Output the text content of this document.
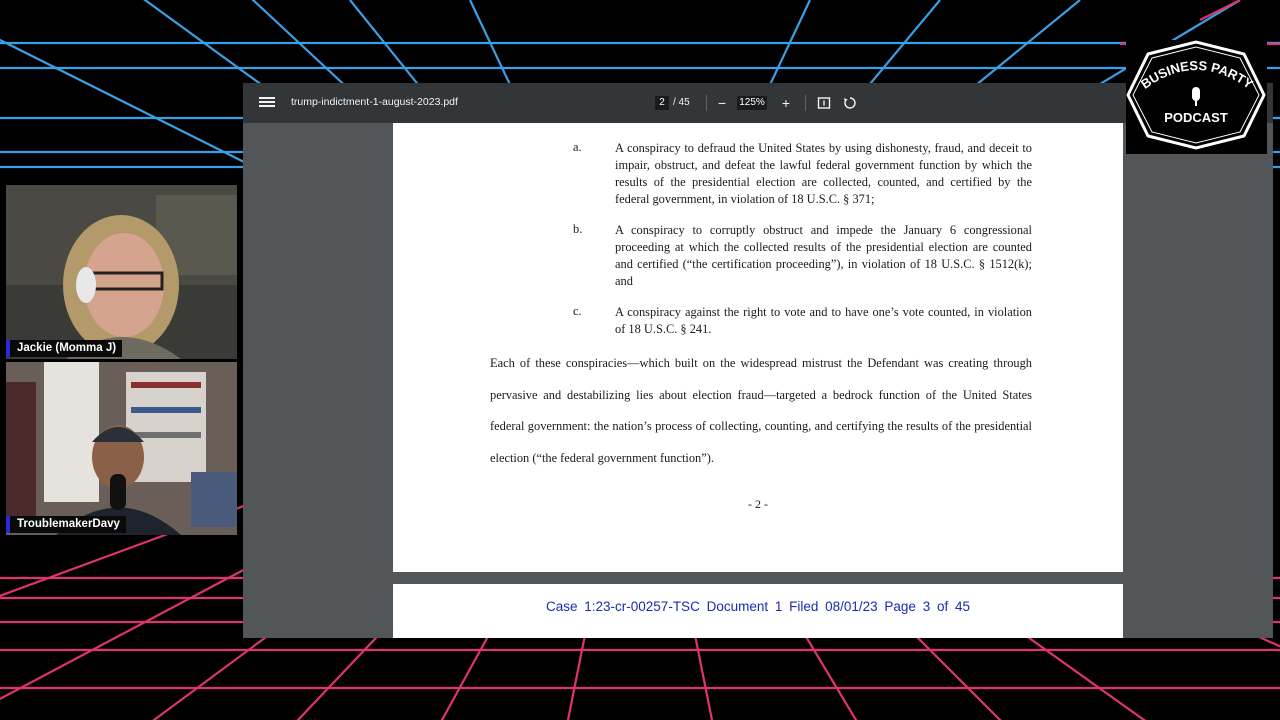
trump-indictment-1-august-2023.pdf	2 / 45	−	125%	+
a.	A conspiracy to defraud the United States by using dishonesty, fraud, and deceit to impair, obstruct, and defeat the lawful federal government function by which the results of the presidential election are collected, counted, and certified by the federal government, in violation of 18 U.S.C. § 371;
b.	A conspiracy to corruptly obstruct and impede the January 6 congressional proceeding at which the collected results of the presidential election are counted and certified (“the certification proceeding”), in violation of 18 U.S.C. § 1512(k); and
c.	A conspiracy against the right to vote and to have one’s vote counted, in violation of 18 U.S.C. § 241.
Each of these conspiracies—which built on the widespread mistrust the Defendant was creating through pervasive and destabilizing lies about election fraud—targeted a bedrock function of the United States federal government: the nation’s process of collecting, counting, and certifying the results of the presidential election (“the federal government function”).
- 2 -
Case 1:23-cr-00257-TSC Document 1 Filed 08/01/23 Page 3 of 45
Jackie (Momma J)
TroublemakerDavy
BUSINESS PARTY
PODCAST
